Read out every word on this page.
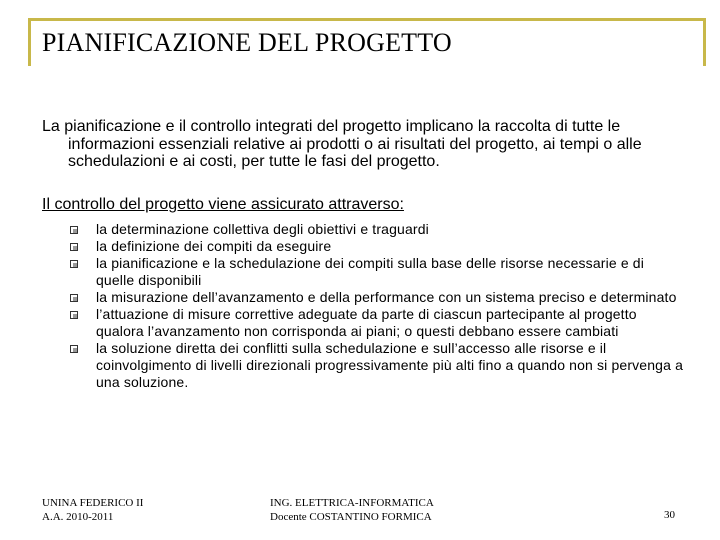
PIANIFICAZIONE DEL PROGETTO
La pianificazione e il controllo integrati del progetto implicano la raccolta di tutte le informazioni essenziali relative ai prodotti o ai risultati del progetto, ai tempi o alle schedulazioni e ai costi, per tutte le fasi del progetto.
Il controllo del progetto viene assicurato attraverso:
la determinazione collettiva degli obiettivi e traguardi
la definizione dei compiti da eseguire
la pianificazione e la schedulazione dei compiti sulla base delle risorse necessarie e di quelle disponibili
la misurazione dell’avanzamento e della performance con un sistema preciso e determinato
l’attuazione di misure correttive adeguate da parte di ciascun partecipante al progetto qualora l’avanzamento non corrisponda ai piani; o questi debbano essere cambiati
la soluzione diretta dei conflitti sulla schedulazione e sull’accesso alle risorse e il coinvolgimento di livelli direzionali progressivamente più alti fino a quando non si pervenga a una soluzione.
UNINA FEDERICO II
A.A. 2010-2011
ING. ELETTRICA-INFORMATICA
Docente COSTANTINO FORMICA	30
